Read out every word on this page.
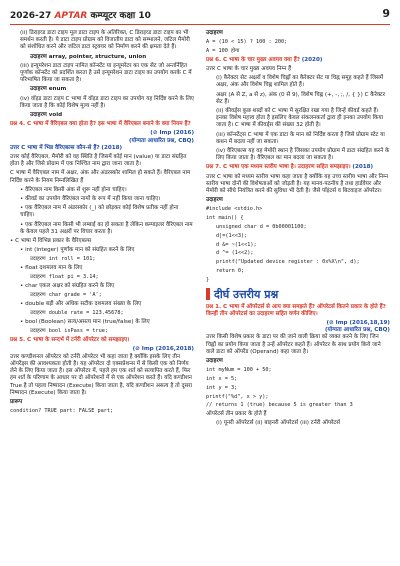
2026-27 APTAR कम्प्यूटर कक्षा 10	9

(ii) डिराइव्ड डाटा टाइप मूल डाटा टाइप के अतिरिक्त, C डिराइव्ड डाटा टाइप का भी समर्थन करती है। ये डाटा टाइप प्रोग्राम को विजातीय डाटा को सम्भालने, जटिल मैमोरी को संशोधित करने और जटिल डाटा स्ट्रक्चर को निर्माण करने की क्षमता देते हैं।

उदाहरण array, pointer, structure, union

(iii) इन्यूमरेशन डाटा टाइप नामित कॉन्स्टेंट या इन्यूमरेटर का एक सेट जो अन्तर्निहित पूर्णांक कॉन्स्टेंट को प्रदर्शित करता है उसे इन्यूमरेशन डाटा टाइप का उपयोग करके C में परिभाषित किया जा सकता है।

उदाहरण enum

(iv) वॉइड डाटा टाइप C भाषा में वॉइड डाटा टाइप का उपयोग यह निर्दिष्ट करने के लिए किया जाता है कि कोई विशेष मूल्य नहीं है।

उदाहरण void

प्रश्न 4. C भाषा में वैरिएबल क्या होता है? इस भाषा में वैरिएबल बनाने के क्या नियम हैं?

(⊘ Imp (2016)
(योग्यता आधारित प्रश्न, CBQ)

उत्तर C भाषा में भिन्न वैरिएबल्स कौन-से हैं? (2018)

उत्तर कोई वैरिएबल, मैमोरी को वह स्थिति है जिसमें कोई मान (value) या डाटा संग्रहित होता है और जिसे प्रोग्राम में एक निश्चित नाम द्वारा जाना जाता है।

C भाषा में वैरिएबल नाम में अक्षर, अंक और अंडरस्कोर शामिल हो सकते हैं। वैरिएबल नाम निर्दिष्ट करने के नियम निम्नलिखित हैं

• वैरिएबल नाम किसी अंक से शुरू नहीं होना चाहिए।

• कीवर्ड का उपयोग वैरिएबल नामों के रूप में नहीं किया जाना चाहिए।

• एक वैरिएबल नाम में अंडरस्कोर (_) को छोड़कर कोई विशेष प्रतीक नहीं होना चाहिए।

• एक वैरिएबल नाम किसी भी लम्बाई का हो सकता है लेकिन कम्पाइलर वैरिएबल नाम के केवल पहले 31 अक्षरों पर विचार करता है।

• C भाषा में विभिन्न प्रकार के वैरिएबल्स

• int (integer) पूर्णांक मान को संग्रहित करने के लिए

उदाहरण int roll = 101;

• float दशमलव मान के लिए

उदाहरण float pi = 3.14;

• char एकल अक्षर को संग्रहित करने के लिए

उदाहरण char grade = 'A';

• double बड़ी और अधिक सटीक दशमलव संख्या के लिए

उदाहरण double rate = 123.45678;

• bool (Boolean) सत्य/असत्य मान (true/false) के लिए

उदाहरण bool isPass = true;

प्रश्न 5. C भाषा के सन्दर्भ में टर्नरी ऑपरेटर को समझाइए।

(⊘ Imp (2016,2018)

उत्तर कण्डीशनल ऑपरेटर को टर्नरी ऑपरेटर भी कहा जाता है क्योंकि इसके लिए तीन ऑपरेंड्स की आवश्यकता होती है। यह ऑपरेटर दो एक्सप्रेशन्स में से किसी एक को निर्णय लेने के लिए किया जाता है। इस ऑपरेटर में, पहले हम एक शर्त को सत्यापित करते हैं, फिर हम शर्त के परिणाम के आधार पर दो ऑपरेशनों में से एक ऑपरेशन करते हैं। यदि कण्डीशन True है तो पहला निष्पादन (Execute) किया जाता है, यदि कण्डीशन असत्य है तो दूसरा निष्पादन (Execute) किया जाता है।

प्रारूप

condition? TRUE part: FALSE part;

उदाहरण

A = (10 < 15) ? 100 : 200;

A = 100 होगा

प्रश्न 6. C भाषा के चार मुख्य अवयव क्या हैं? (2020)

उत्तर C भाषा के चार मुख्य अवयव निम्न हैं

(i) कैरेक्टर सेट अक्षरों व विशेष चिह्नों का कैरेक्टर सेट या चिह्न समूह कहते हैं जिसमें अक्षर, अंक और विशेष चिह्न शामिल होते हैं।

अक्षर (A से Z, a से z), अंक (0 से 9), विशेष चिह्न (+, -, ;, /, { }) C कैरेक्टर सेट हैं।

(ii) कीवर्ड्स कुछ शब्दों को C भाषा में सुरक्षित रखा गया है जिन्हें कीवर्ड कहते हैं। इनका विशेष महत्त्व होता है इसलिए केवल संकलनकर्ता द्वारा ही इनका उपयोग किया जाता है। C भाषा में कीवर्ड्स की संख्या 32 होती है।

(iii) कॉन्स्टेंट्स C भाषा में एक डाटा के मान को निर्दिष्ट करता है जिसे प्रोग्राम स्टेट या कथन में बदला नहीं जा सकता।

(iv) वैरिएबल्स यह वह मेमोरी स्थान है जिसका उपयोग प्रोग्राम में डाटा संग्रहित करने के लिए किया जाता है। वैरिएबल का मान बदला जा सकता है।

प्रश्न 7. C भाषा एक मध्यम स्तरीय भाषा है। उदाहरण सहित समझाइए। (2018)

उत्तर C भाषा को मध्यम स्तरीय भाषा कहा जाता है क्योंकि यह उच्च स्तरीय भाषा और निम्न स्तरीय भाषा दोनों की विशेषताओं को जोड़ती है। यह मानव-पठनीय है तथा हार्डवेयर और मेमोरी को सीधे नियंत्रित करने की सुविधा भी देती है। जैसे पॉइंटर्स व बिटवाइज ऑपरेटर।

उदाहरण

#include <stdio.h>

int main() {

unsigned char d = 0b00001100;

d|=(1<<3);

d &= ~(1<<1);

d ^= (1<<2);

printf("Updated device register : 0x%X\n", d);

return 0;

}

दीर्घ उत्तरीय प्रश्न

प्रश्न 1. C भाषा में ऑपरेटर्स से आप क्या समझते हैं? ऑपरेटर्स कितने प्रकार के होते हैं? किन्हीं तीन ऑपरेटर्स का उदाहरण सहित वर्णन कीजिए।

(⊘ Imp (2016,18,19)
(योग्यता आधारित प्रश्न, CBQ)

उत्तर किसी विशेष प्रकार के डाटा पर की जाने वाली क्रिया को व्यक्त करने के लिए जिन चिह्नों का प्रयोग किया जाता है उन्हें ऑपरेटर कहते हैं। ऑपरेटर के साथ प्रयोग किये जाने वाले डाटा को ऑपरेंड (Operand) कहा जाता है।

उदाहरण

int myNum = 100 + 50;

int x = 5;

int y = 3;

printf("%d", x > y);

// returns 1 (true) because 5 is greater than 3

ऑपरेटर्स तीन प्रकार के होते हैं

(i) यूनरी ऑपरेटर्स (ii) बाइनरी ऑपरेटर्स (iii) टर्नरी ऑपरेटर्स
